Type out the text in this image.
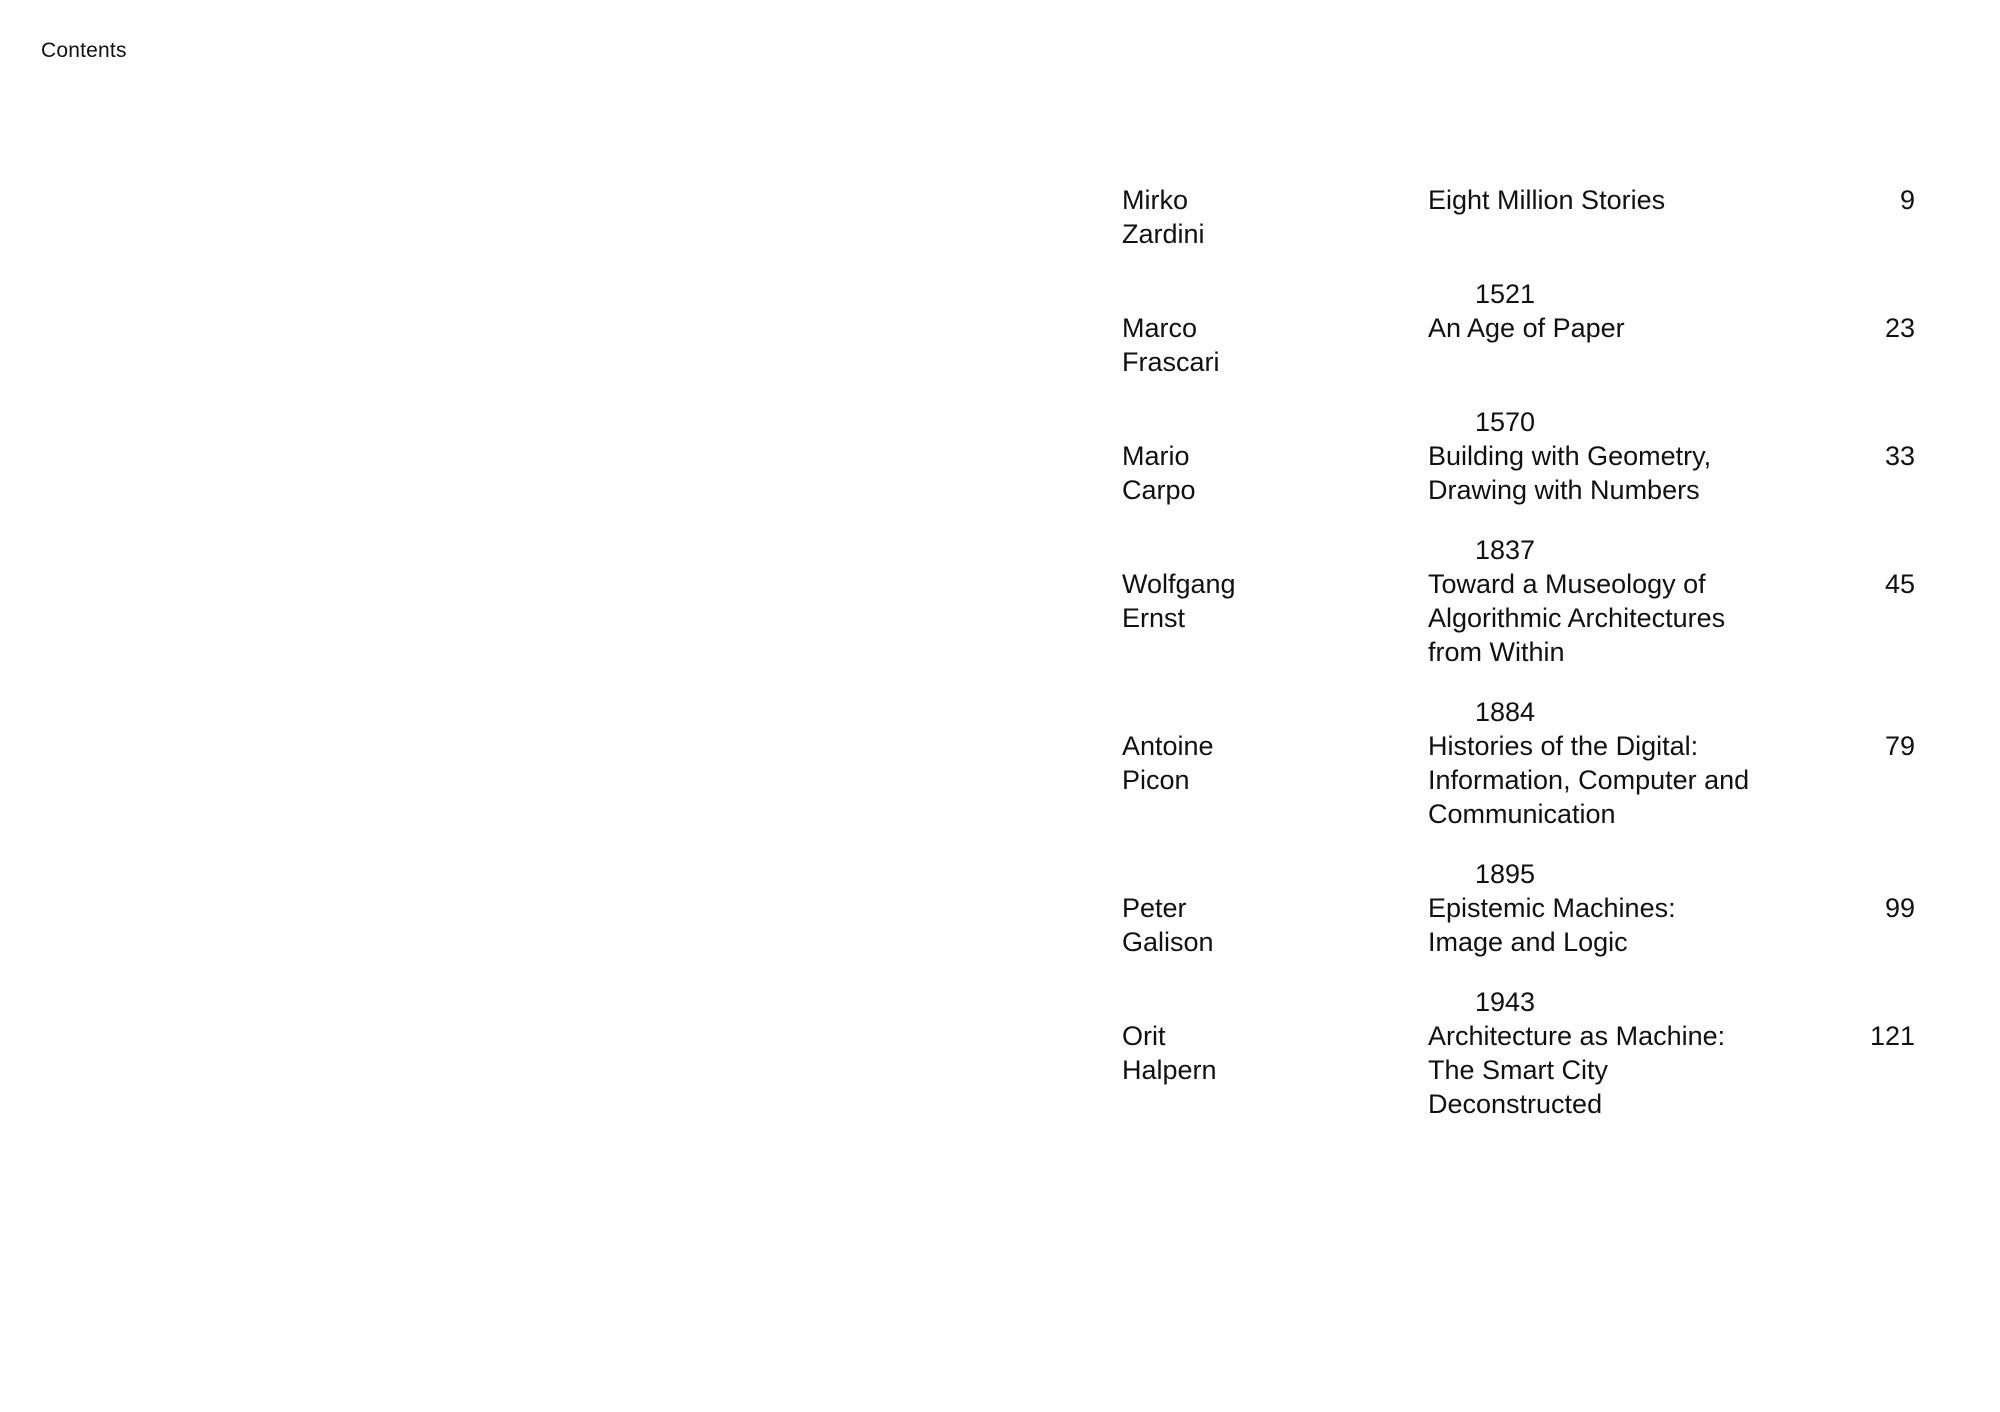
Contents
Mirko
Zardini
Eight Million Stories	9
1521
Marco
Frascari
An Age of Paper	23
1570
Mario
Carpo
Building with Geometry,
Drawing with Numbers
33
1837
Wolfgang
Ernst
Toward a Museology of
Algorithmic Architectures
from Within
45
1884
Antoine
Picon
Histories of the Digital:
Information, Computer and
Communication
79
1895
Peter
Galison
Epistemic Machines:
Image and Logic
99
1943
Orit
Halpern
Architecture as Machine:
The Smart City
Deconstructed
121
